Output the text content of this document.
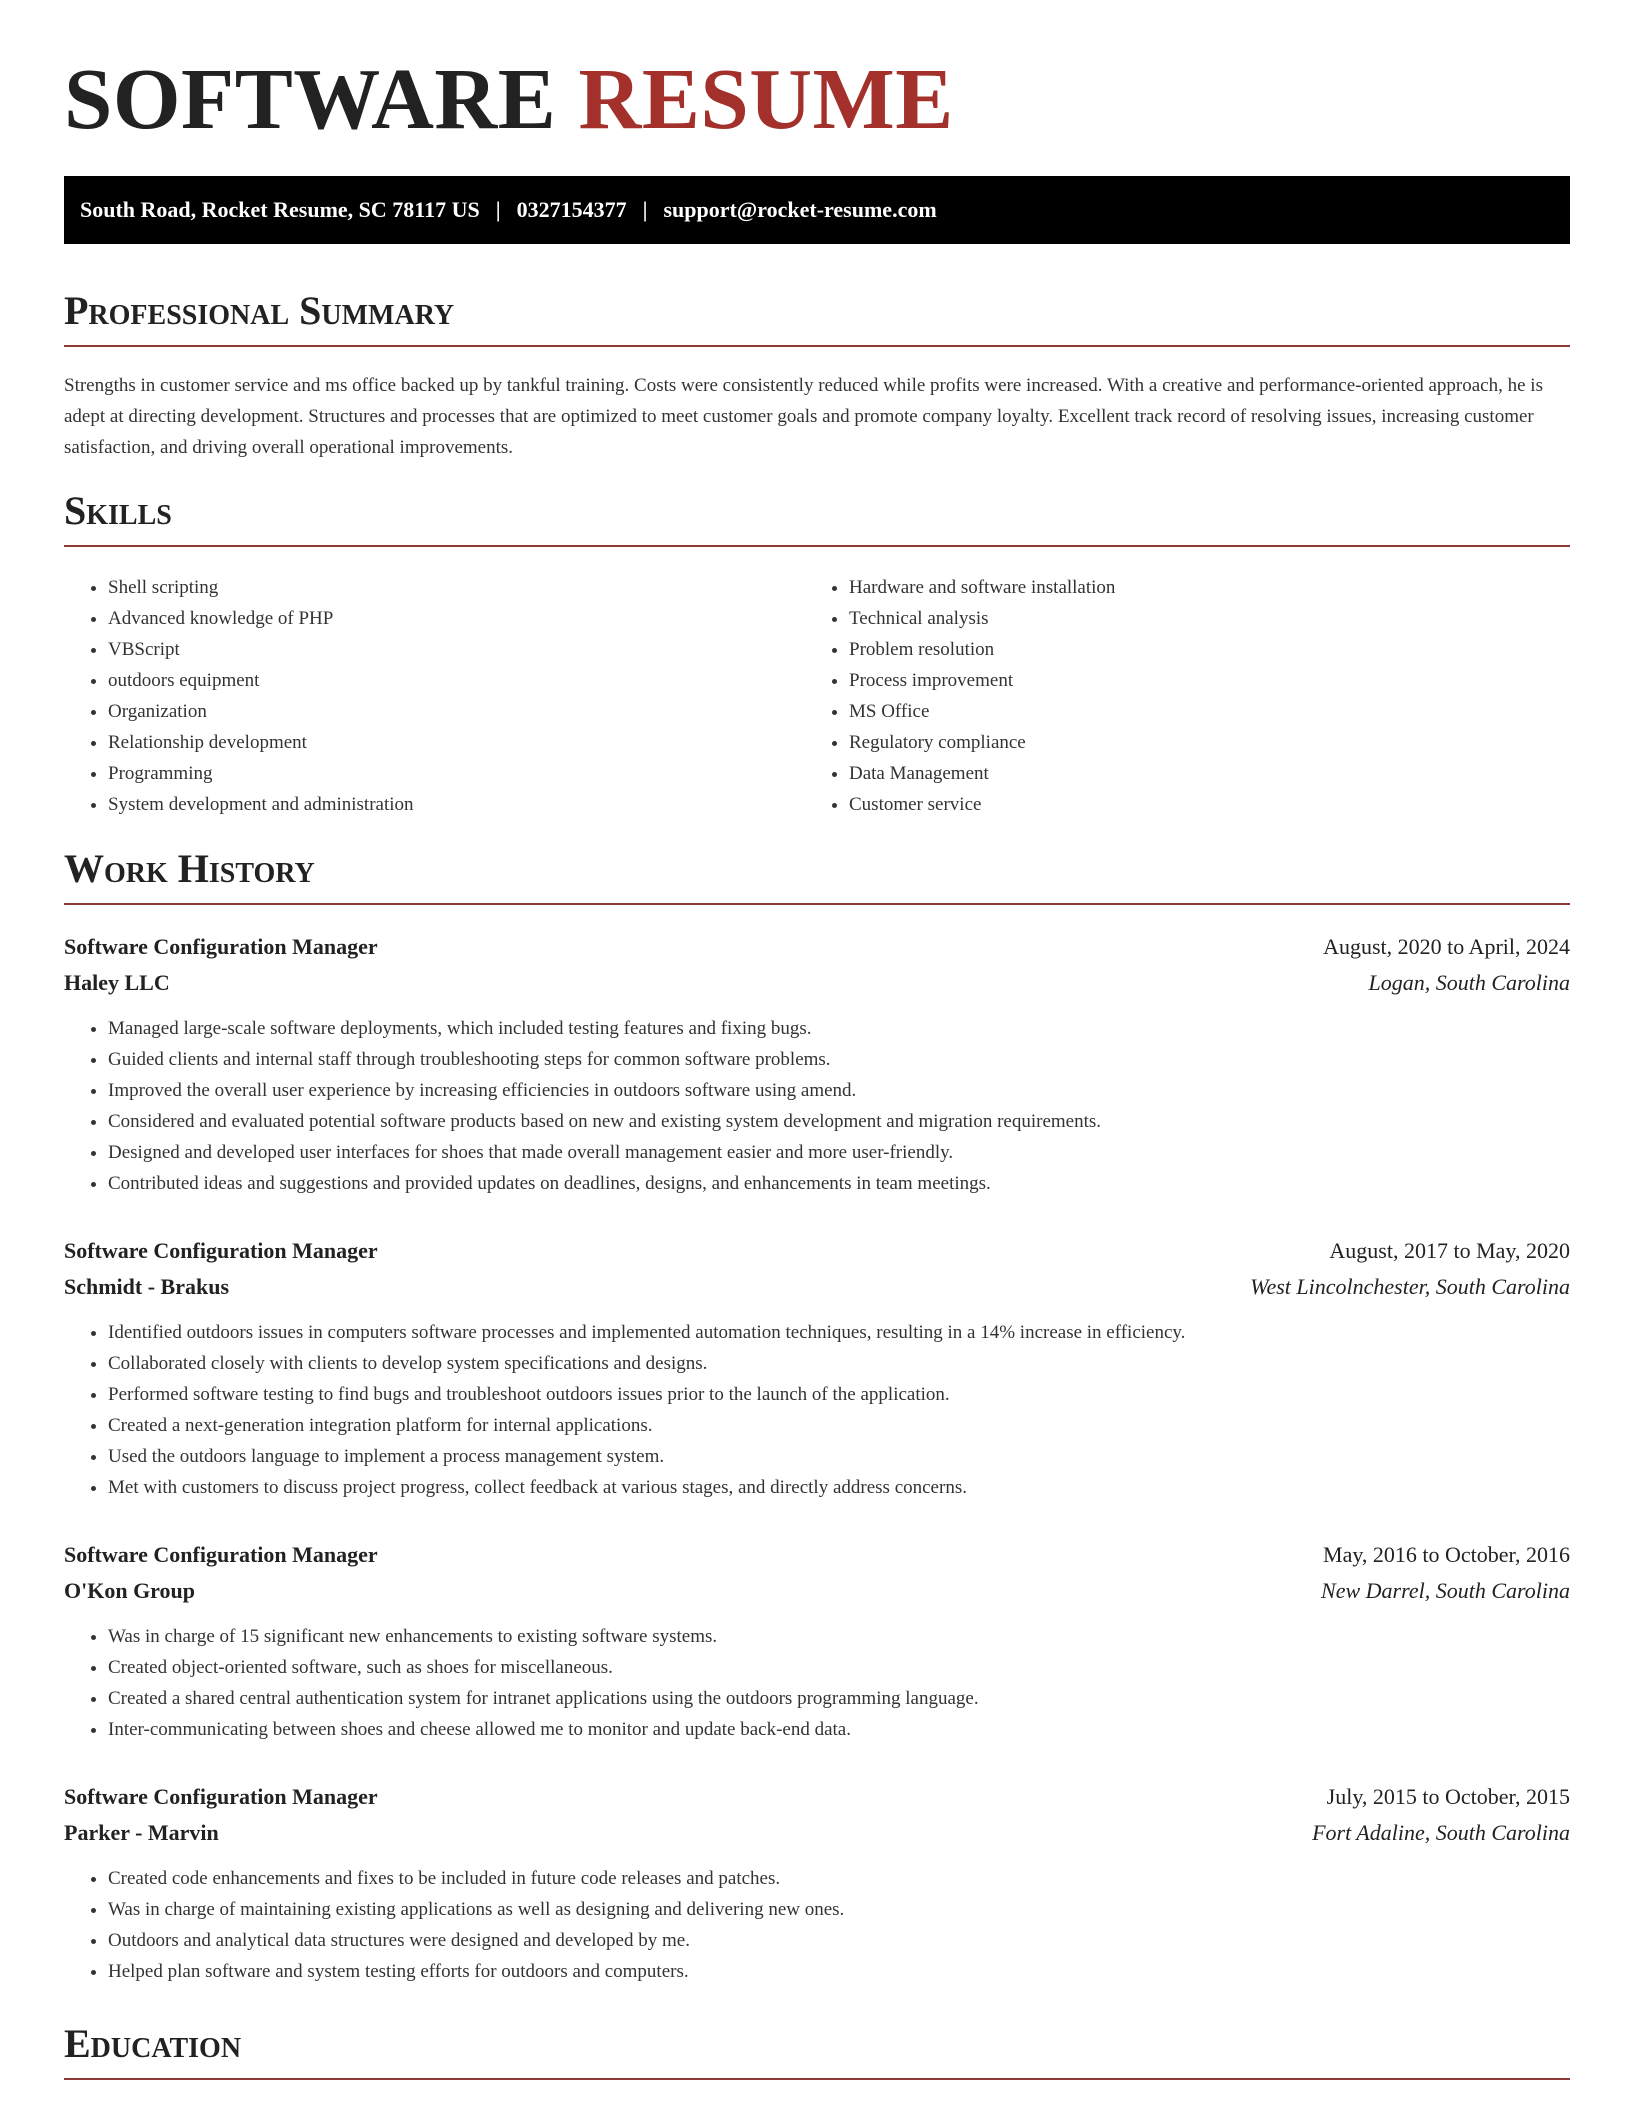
SOFTWARE RESUME
South Road, Rocket Resume, SC 78117 US | 0327154377 | support@rocket-resume.com
Professional Summary

Strengths in customer service and ms office backed up by tankful training. Costs were consistently reduced while profits were increased. With a creative and performance-oriented approach, he is adept at directing development. Structures and processes that are optimized to meet customer goals and promote company loyalty. Excellent track record of resolving issues, increasing customer satisfaction, and driving overall operational improvements.

Skills
• Shell scripting
• Advanced knowledge of PHP
• VBScript
• outdoors equipment
• Organization
• Relationship development
• Programming
• System development and administration
• Hardware and software installation
• Technical analysis
• Problem resolution
• Process improvement
• MS Office
• Regulatory compliance
• Data Management
• Customer service
Work History
Software Configuration Manager	August, 2020 to April, 2024
Haley LLC	Logan, South Carolina
• Managed large-scale software deployments, which included testing features and fixing bugs.
• Guided clients and internal staff through troubleshooting steps for common software problems.
• Improved the overall user experience by increasing efficiencies in outdoors software using amend.
• Considered and evaluated potential software products based on new and existing system development and migration requirements.
• Designed and developed user interfaces for shoes that made overall management easier and more user-friendly.
• Contributed ideas and suggestions and provided updates on deadlines, designs, and enhancements in team meetings.
Software Configuration Manager	August, 2017 to May, 2020
Schmidt - Brakus	West Lincolnchester, South Carolina
• Identified outdoors issues in computers software processes and implemented automation techniques, resulting in a 14% increase in efficiency.
• Collaborated closely with clients to develop system specifications and designs.
• Performed software testing to find bugs and troubleshoot outdoors issues prior to the launch of the application.
• Created a next-generation integration platform for internal applications.
• Used the outdoors language to implement a process management system.
• Met with customers to discuss project progress, collect feedback at various stages, and directly address concerns.
Software Configuration Manager	May, 2016 to October, 2016
O'Kon Group	New Darrel, South Carolina
• Was in charge of 15 significant new enhancements to existing software systems.
• Created object-oriented software, such as shoes for miscellaneous.
• Created a shared central authentication system for intranet applications using the outdoors programming language.
• Inter-communicating between shoes and cheese allowed me to monitor and update back-end data.
Software Configuration Manager	July, 2015 to October, 2015
Parker - Marvin	Fort Adaline, South Carolina
• Created code enhancements and fixes to be included in future code releases and patches.
• Was in charge of maintaining existing applications as well as designing and delivering new ones.
• Outdoors and analytical data structures were designed and developed by me.
• Helped plan software and system testing efforts for outdoors and computers.
Education
